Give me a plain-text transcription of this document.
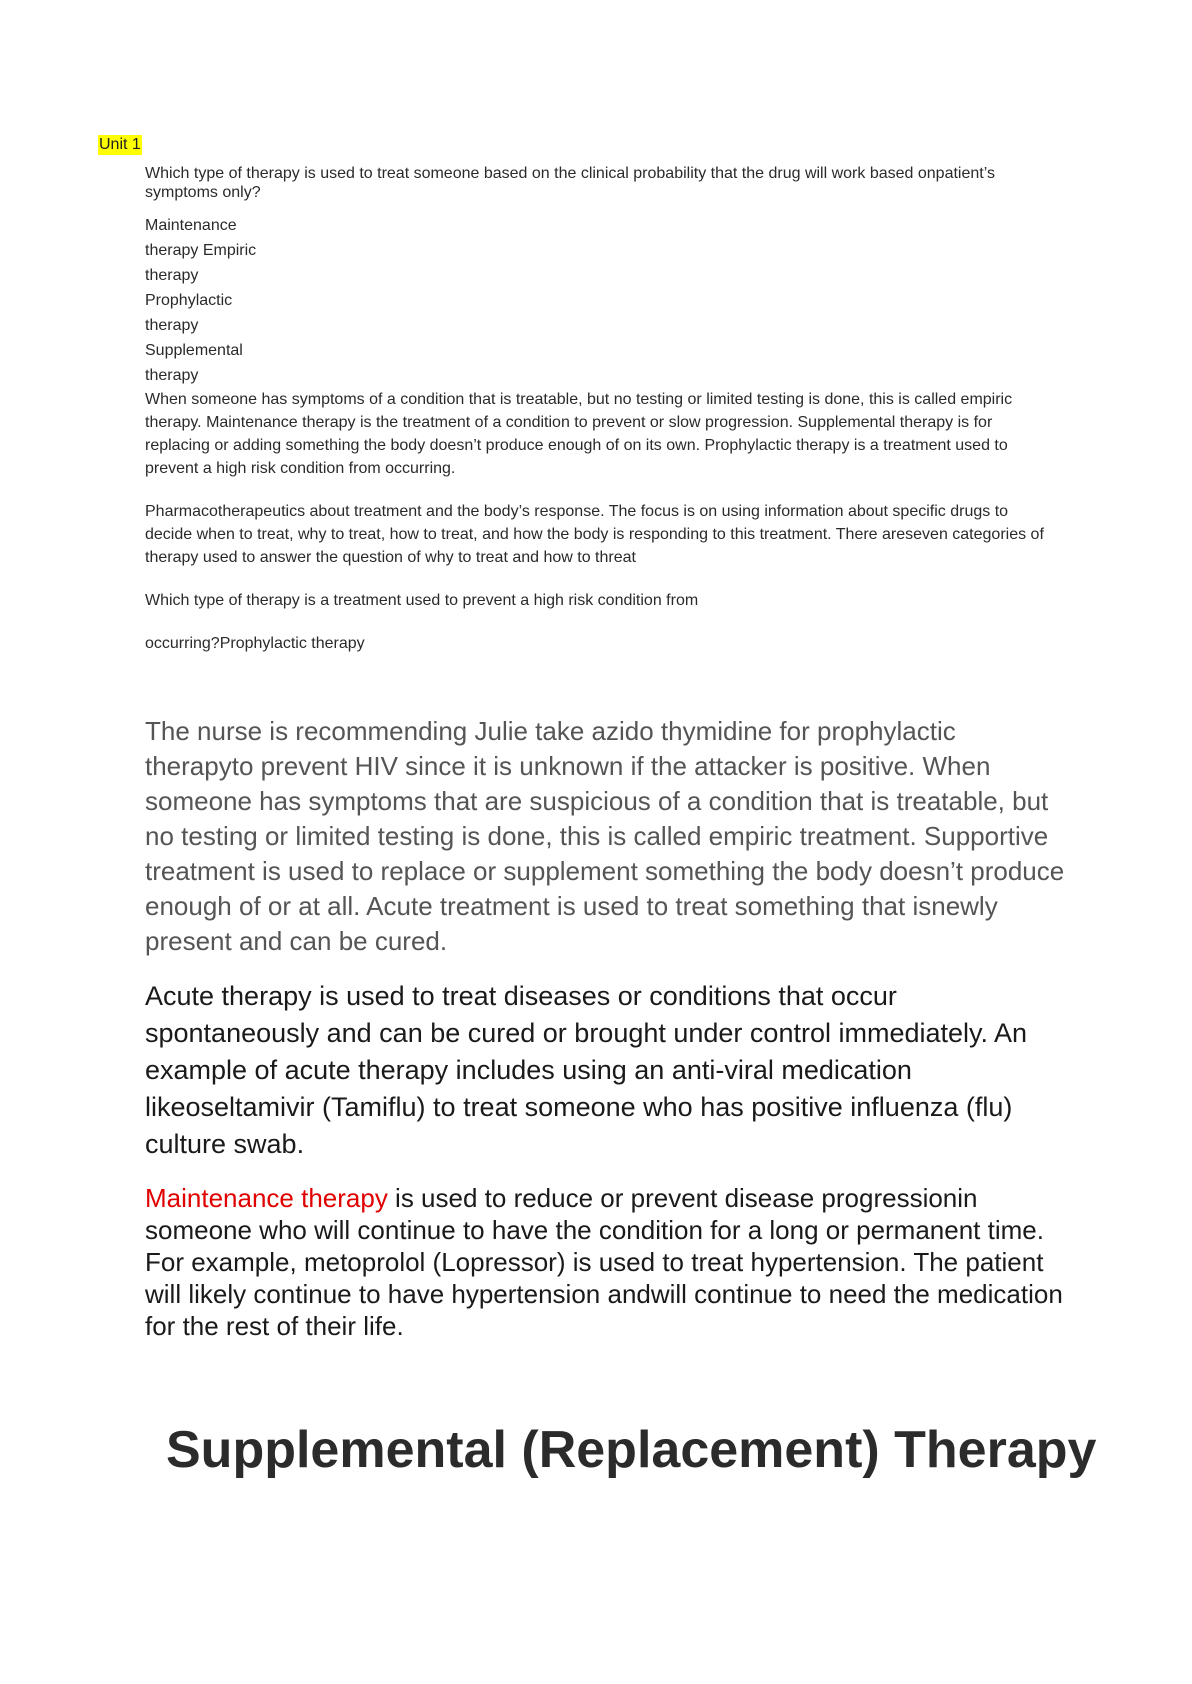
Unit 1

Which type of therapy is used to treat someone based on the clinical probability that the drug will work based onpatient’s symptoms only?

Maintenance
therapy Empiric
therapy
Prophylactic
therapy
Supplemental
therapy

When someone has symptoms of a condition that is treatable, but no testing or limited testing is done, this is called empiric therapy. Maintenance therapy is the treatment of a condition to prevent or slow progression. Supplemental therapy is for replacing or adding something the body doesn’t produce enough of on its own. Prophylactic therapy is a treatment used to prevent a high risk condition from occurring.

Pharmacotherapeutics about treatment and the body’s response. The focus is on using information about specific drugs to decide when to treat, why to treat, how to treat, and how the body is responding to this treatment. There areseven categories of therapy used to answer the question of why to treat and how to threat

Which type of therapy is a treatment used to prevent a high risk condition from

occurring?Prophylactic therapy

The nurse is recommending Julie take azido thymidine for prophylactic therapyto prevent HIV since it is unknown if the attacker is positive. When someone has symptoms that are suspicious of a condition that is treatable, but no testing or limited testing is done, this is called empiric treatment. Supportive treatment is used to replace or supplement something the body doesn’t produce enough of or at all. Acute treatment is used to treat something that isnewly present and can be cured.

Acute therapy is used to treat diseases or conditions that occur spontaneously and can be cured or brought under control immediately. An example of acute therapy includes using an anti-viral medication likeoseltamivir (Tamiflu) to treat someone who has positive influenza (flu) culture swab.

Maintenance therapy is used to reduce or prevent disease progressionin someone who will continue to have the condition for a long or permanent time. For example, metoprolol (Lopressor) is used to treat hypertension. The patient will likely continue to have hypertension andwill continue to need the medication for the rest of their life.

Supplemental (Replacement) Therapy
